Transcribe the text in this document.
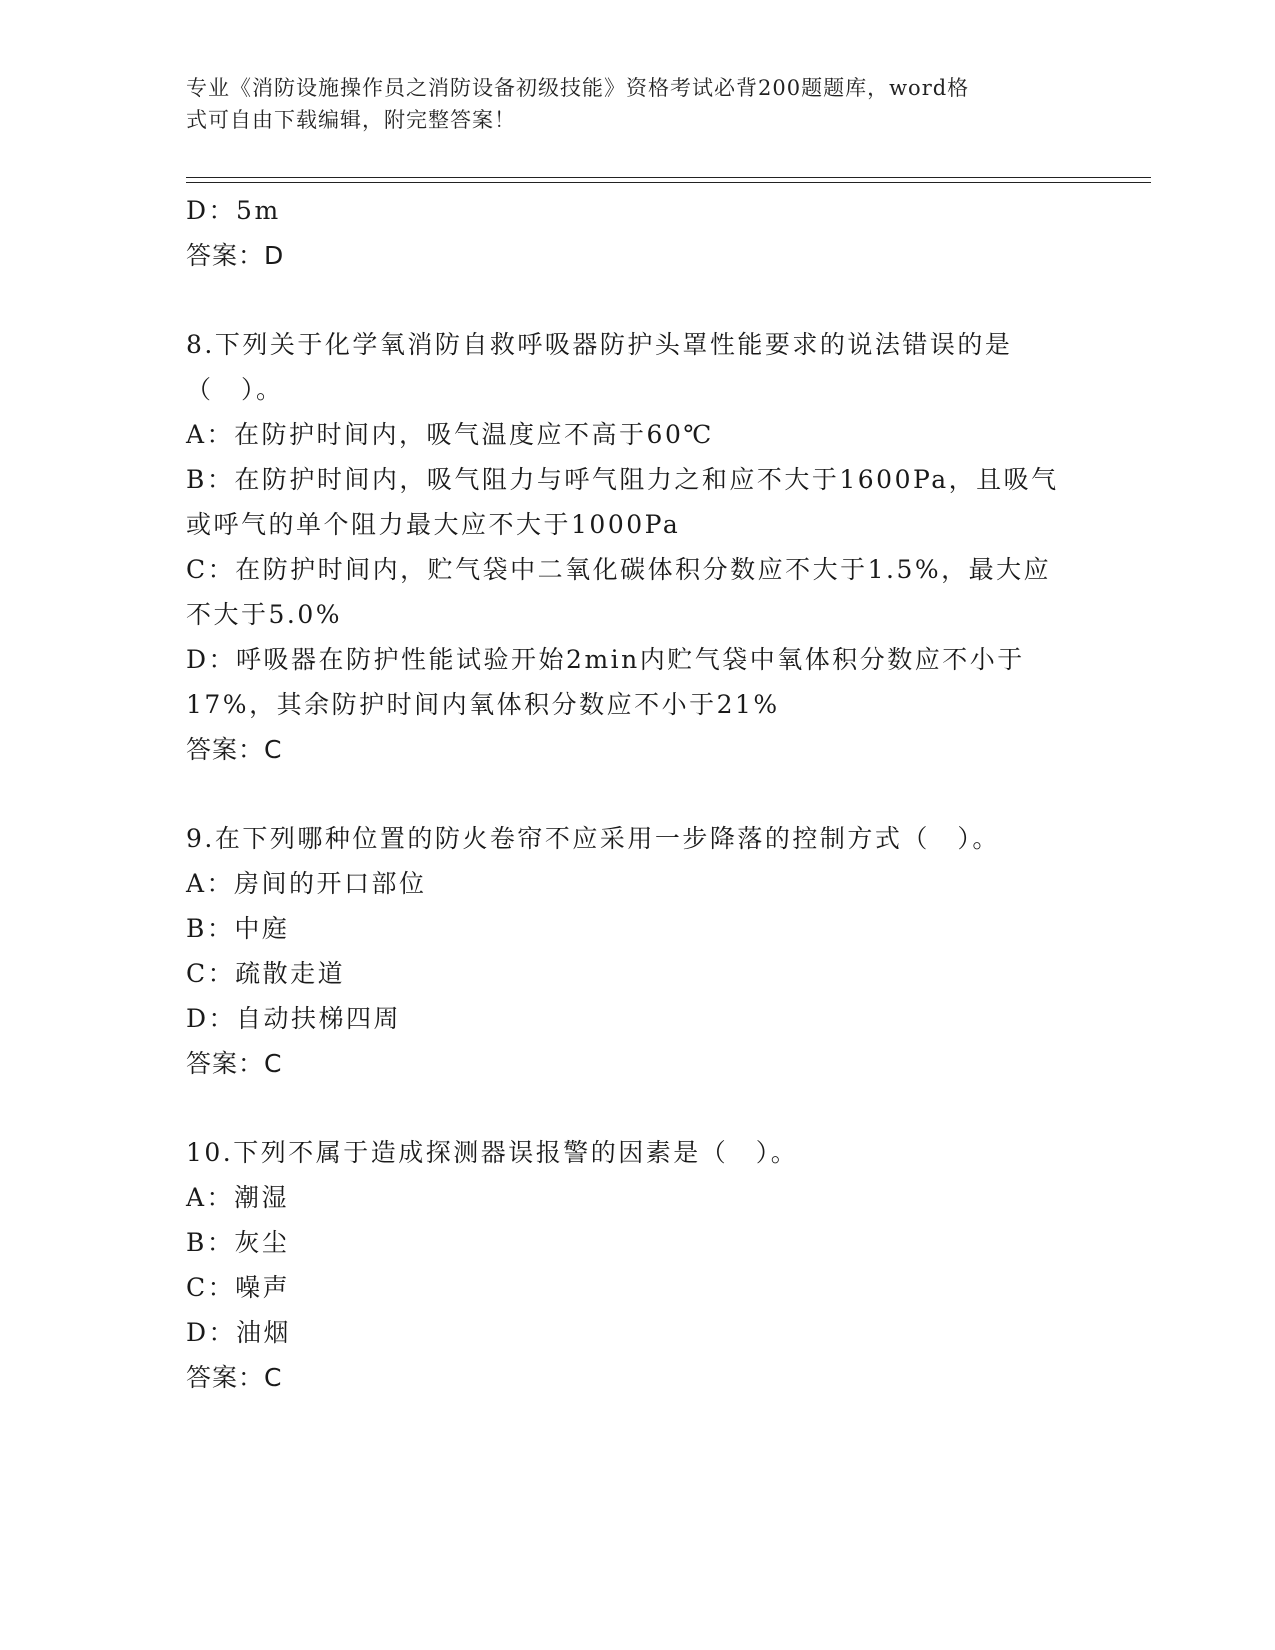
专业《消防设施操作员之消防设备初级技能》资格考试必背200题题库，word格
式可自由下载编辑，附完整答案！
D：5m
答案：D
8.下列关于化学氧消防自救呼吸器防护头罩性能要求的说法错误的是
（　）。
A：在防护时间内，吸气温度应不高于60℃
B：在防护时间内，吸气阻力与呼气阻力之和应不大于1600Pa，且吸气
或呼气的单个阻力最大应不大于1000Pa
C：在防护时间内，贮气袋中二氧化碳体积分数应不大于1.5%，最大应
不大于5.0%
D：呼吸器在防护性能试验开始2min内贮气袋中氧体积分数应不小于
17%，其余防护时间内氧体积分数应不小于21%
答案：C
9.在下列哪种位置的防火卷帘不应采用一步降落的控制方式（　）。
A：房间的开口部位
B：中庭
C：疏散走道
D：自动扶梯四周
答案：C
10.下列不属于造成探测器误报警的因素是（　）。
A：潮湿
B：灰尘
C：噪声
D：油烟
答案：C
